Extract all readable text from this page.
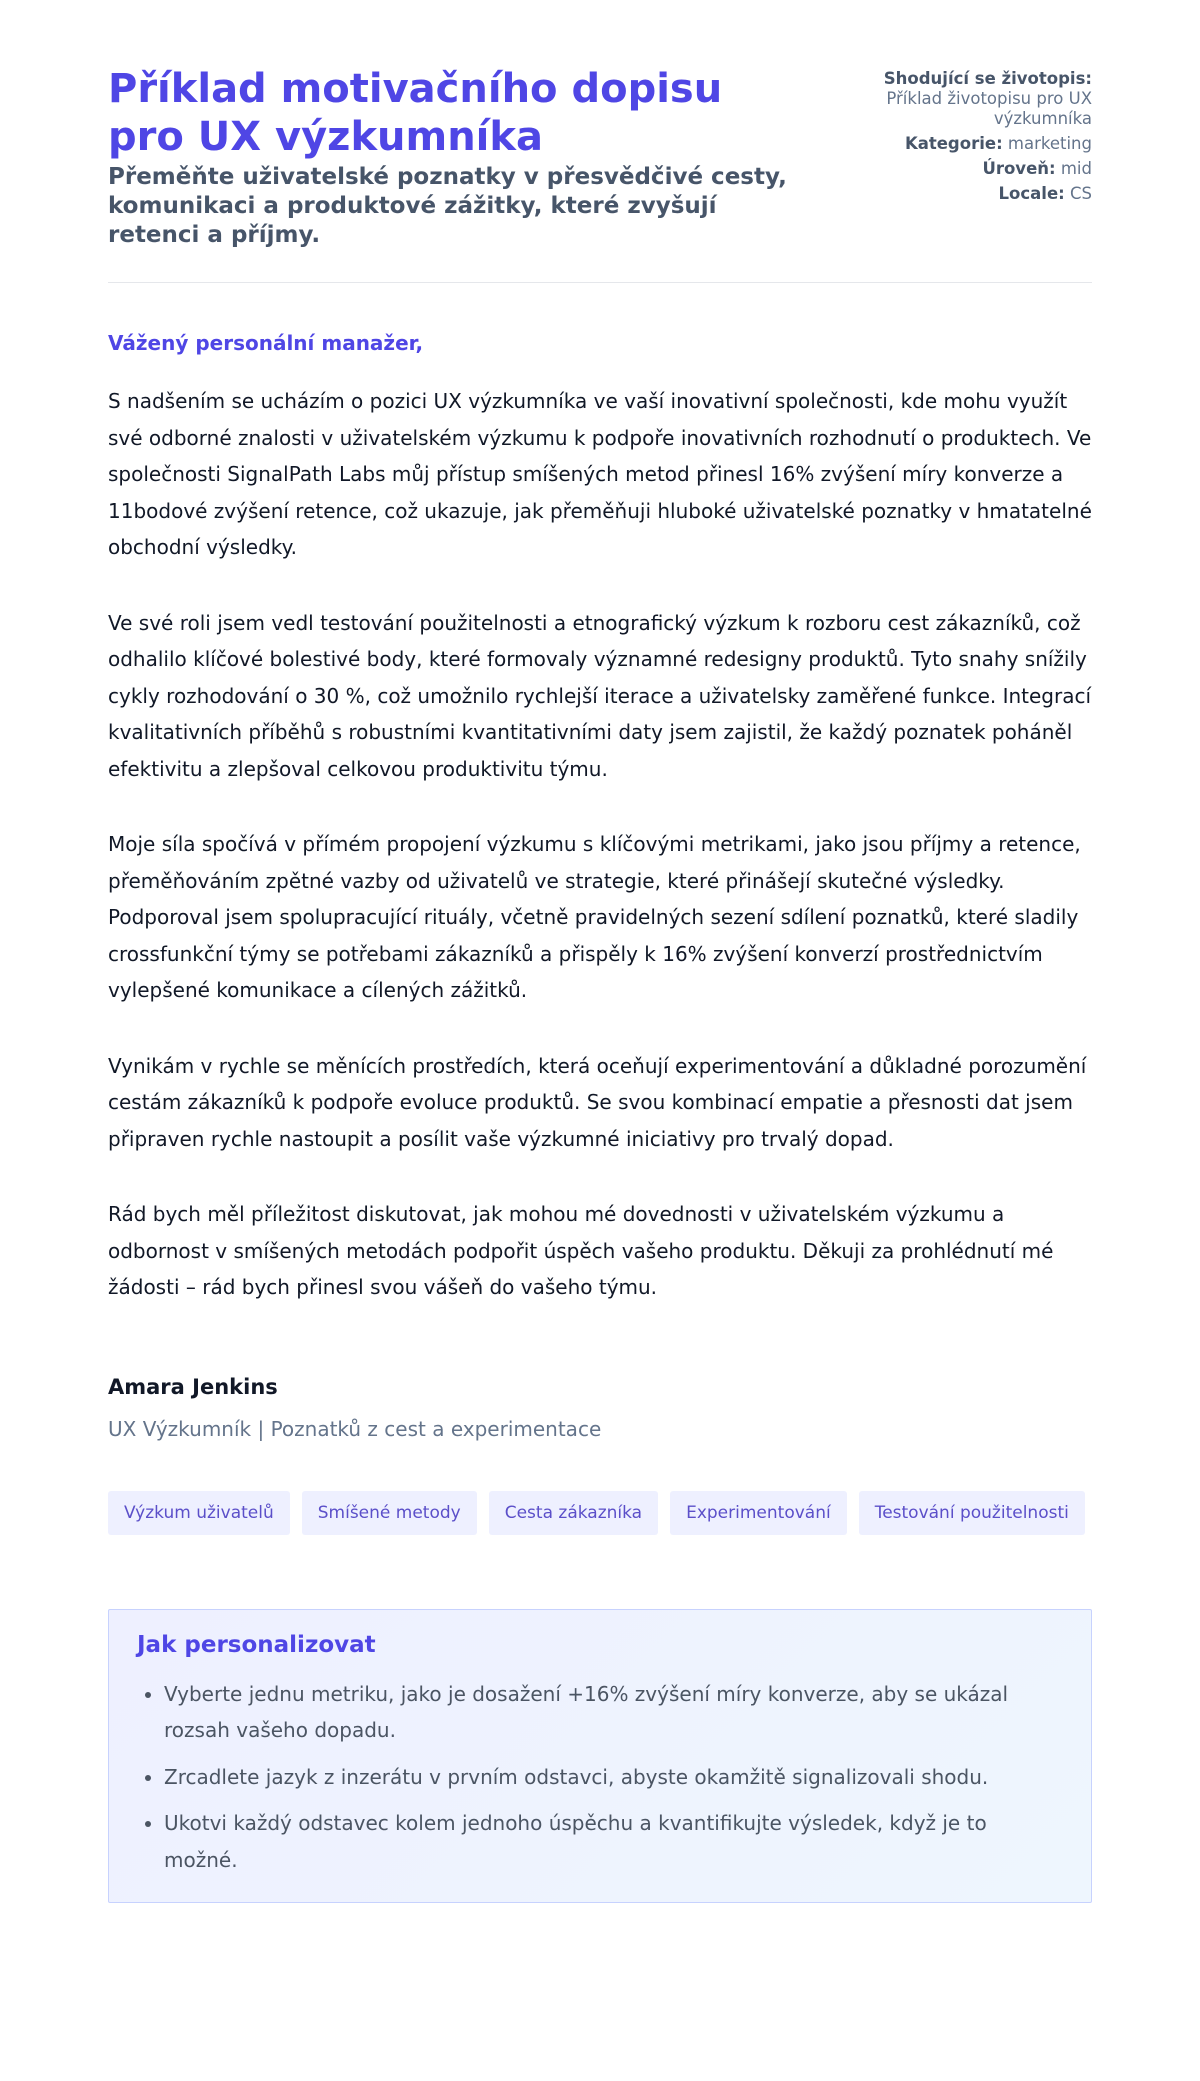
Příklad motivačního dopisu pro UX výzkumníka
Přeměňte uživatelské poznatky v přesvědčivé cesty, komunikaci a produktové zážitky, které zvyšují retenci a příjmy.
Shodující se životopis:
Příklad životopisu pro UX výzkumníka
Kategorie: marketing
Úroveň: mid
Locale: CS
Vážený personální manažer,

S nadšením se ucházím o pozici UX výzkumníka ve vaší inovativní společnosti, kde mohu využít své odborné znalosti v uživatelském výzkumu k podpoře inovativních rozhodnutí o produktech. Ve společnosti SignalPath Labs můj přístup smíšených metod přinesl 16% zvýšení míry konverze a 11bodové zvýšení retence, což ukazuje, jak přeměňuji hluboké uživatelské poznatky v hmatatelné obchodní výsledky.

Ve své roli jsem vedl testování použitelnosti a etnografický výzkum k rozboru cest zákazníků, což odhalilo klíčové bolestivé body, které formovaly významné redesigny produktů. Tyto snahy snížily cykly rozhodování o 30 %, což umožnilo rychlejší iterace a uživatelsky zaměřené funkce. Integrací kvalitativních příběhů s robustními kvantitativními daty jsem zajistil, že každý poznatek poháněl efektivitu a zlepšoval celkovou produktivitu týmu.

Moje síla spočívá v přímém propojení výzkumu s klíčovými metrikami, jako jsou příjmy a retence, přeměňováním zpětné vazby od uživatelů ve strategie, které přinášejí skutečné výsledky. Podporoval jsem spolupracující rituály, včetně pravidelných sezení sdílení poznatků, které sladily crossfunkční týmy se potřebami zákazníků a přispěly k 16% zvýšení konverzí prostřednictvím vylepšené komunikace a cílených zážitků.

Vynikám v rychle se měnících prostředích, která oceňují experimentování a důkladné porozumění cestám zákazníků k podpoře evoluce produktů. Se svou kombinací empatie a přesnosti dat jsem připraven rychle nastoupit a posílit vaše výzkumné iniciativy pro trvalý dopad.

Rád bych měl příležitost diskutovat, jak mohou mé dovednosti v uživatelském výzkumu a odbornost v smíšených metodách podpořit úspěch vašeho produktu. Děkuji za prohlédnutí mé žádosti – rád bych přinesl svou vášeň do vašeho týmu.

Amara Jenkins
UX Výzkumník | Poznatků z cest a experimentace
Výzkum uživatelů	Smíšené metody	Cesta zákazníka	Experimentování	Testování použitelnosti
Jak personalizovat
• Vyberte jednu metriku, jako je dosažení +16% zvýšení míry konverze, aby se ukázal rozsah vašeho dopadu.
• Zrcadlete jazyk z inzerátu v prvním odstavci, abyste okamžitě signalizovali shodu.
• Ukotvi každý odstavec kolem jednoho úspěchu a kvantifikujte výsledek, když je to možné.
